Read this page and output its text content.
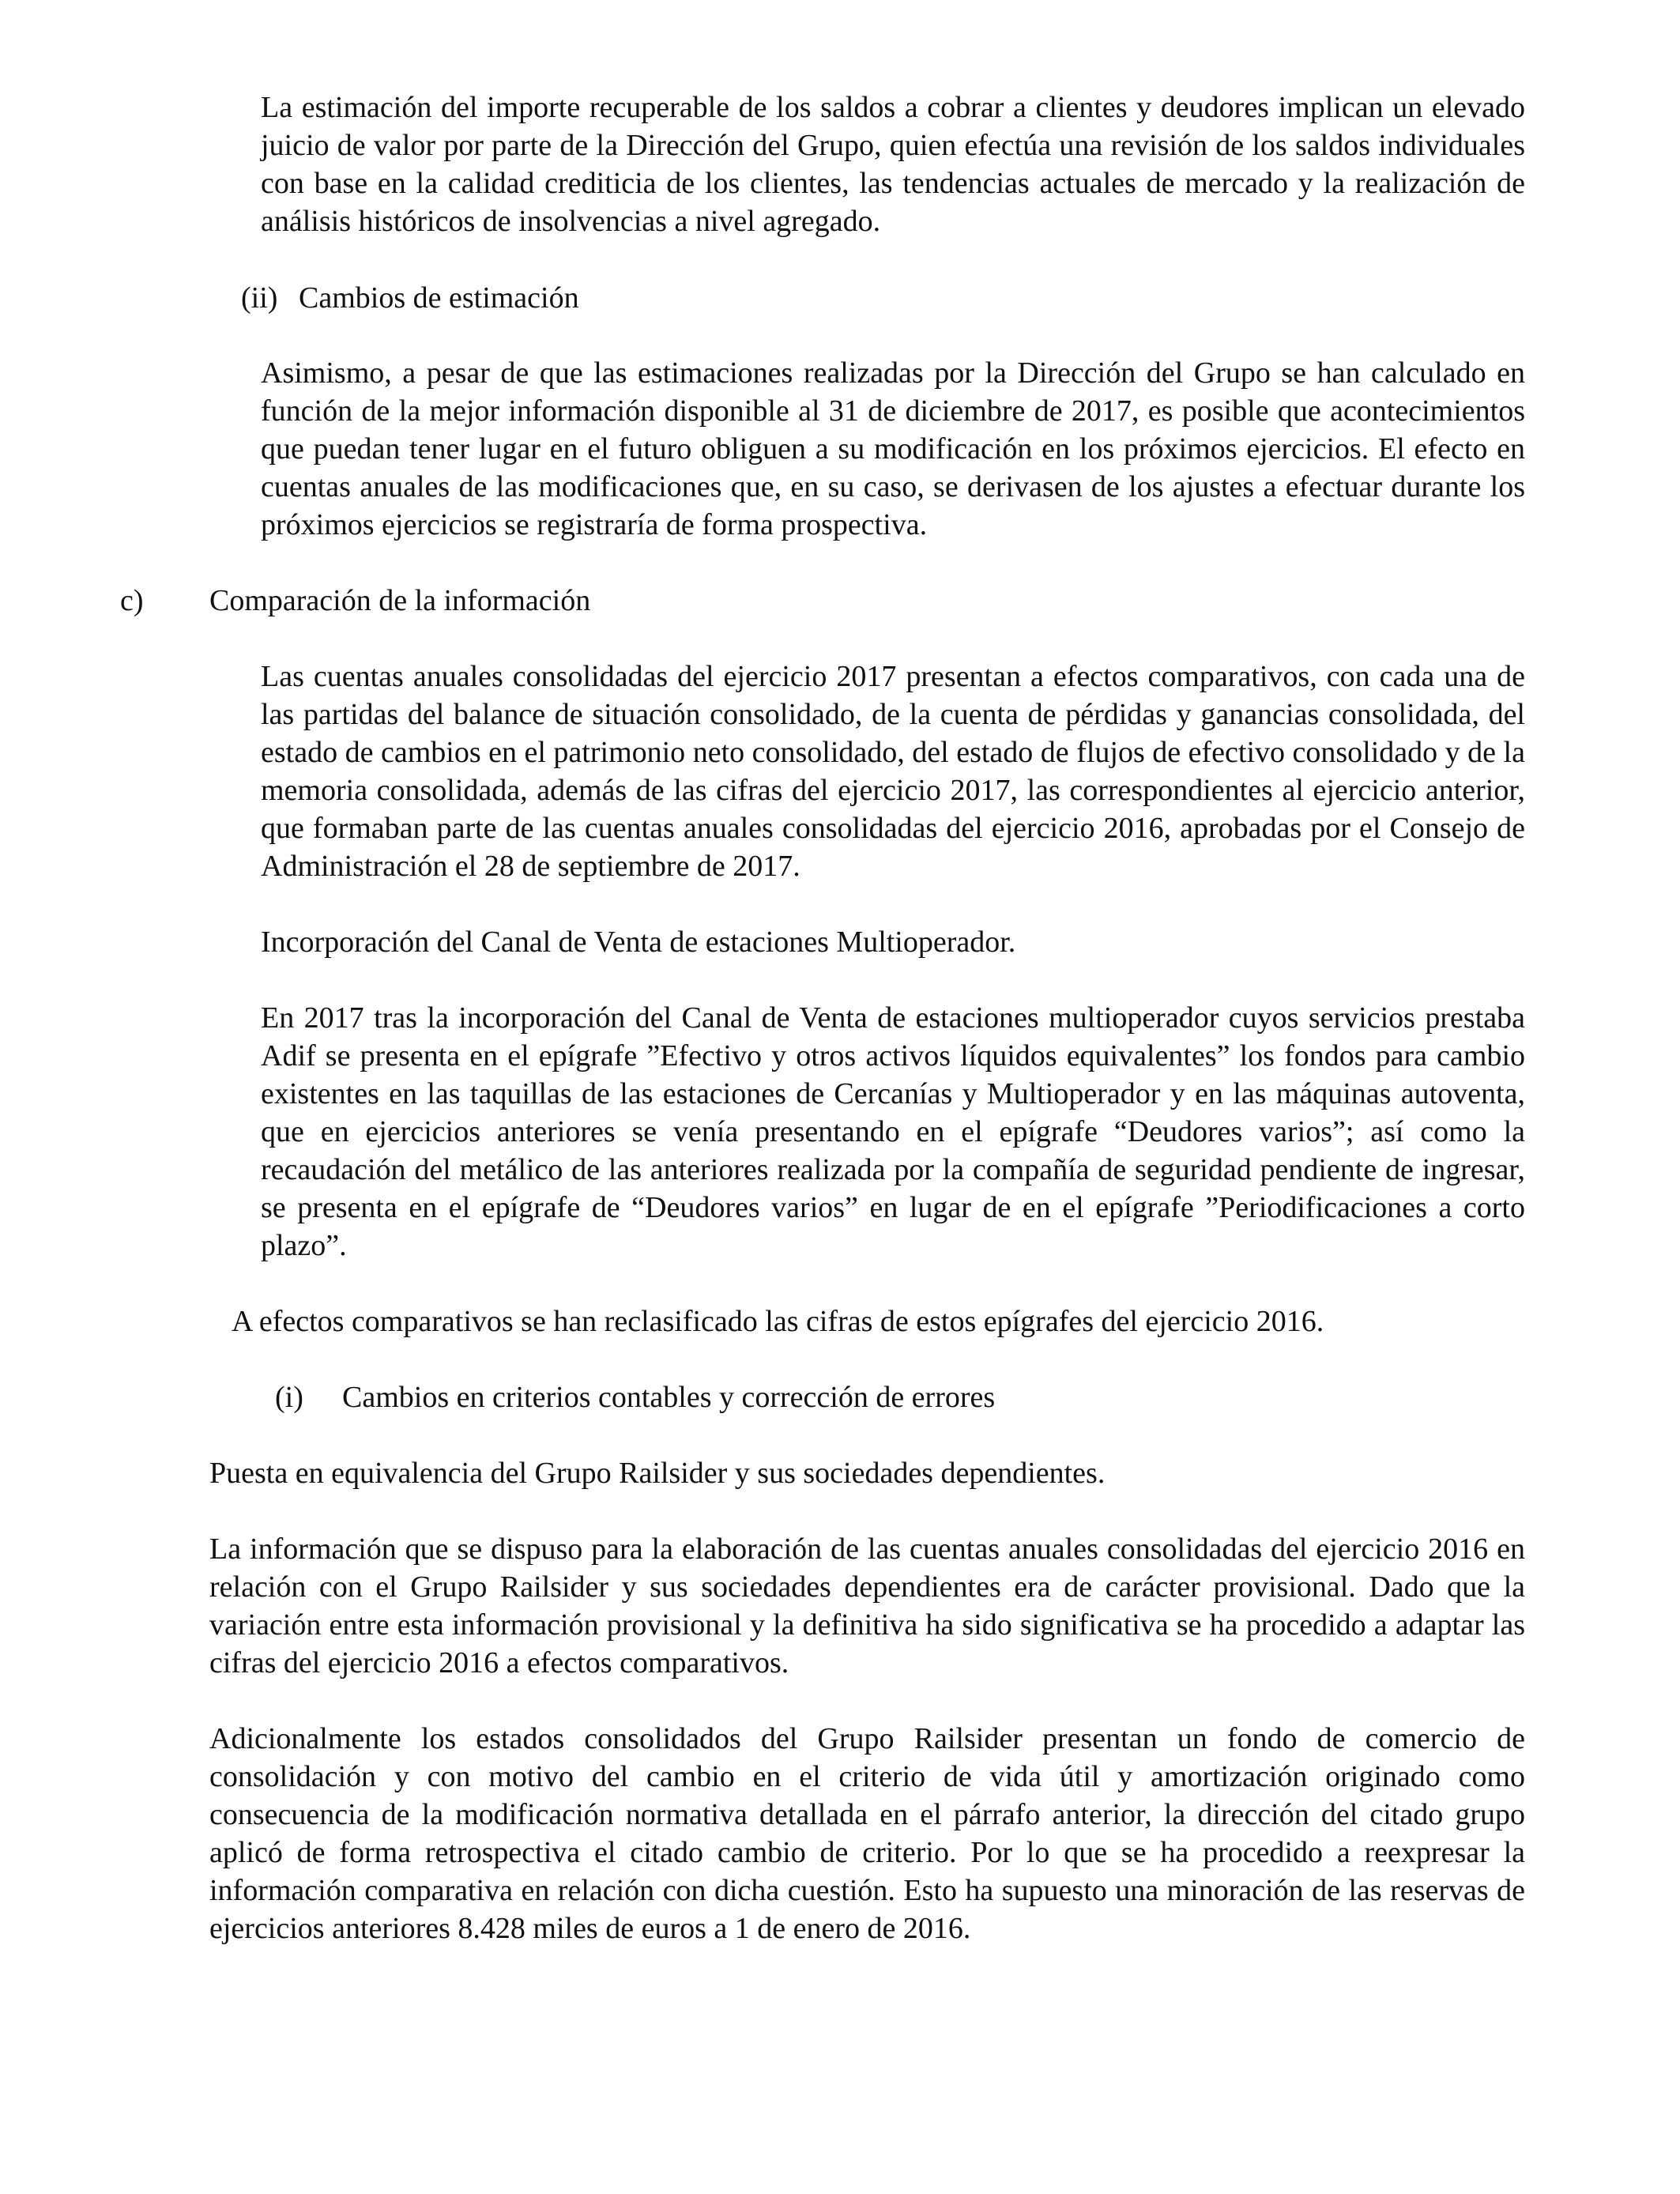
La estimación del importe recuperable de los saldos a cobrar a clientes y deudores implican un elevado juicio de valor por parte de la Dirección del Grupo, quien efectúa una revisión de los saldos individuales con base en la calidad crediticia de los clientes, las tendencias actuales de mercado y la realización de análisis históricos de insolvencias a nivel agregado.

(ii) Cambios de estimación

Asimismo, a pesar de que las estimaciones realizadas por la Dirección del Grupo se han calculado en función de la mejor información disponible al 31 de diciembre de 2017, es posible que acontecimientos que puedan tener lugar en el futuro obliguen a su modificación en los próximos ejercicios. El efecto en cuentas anuales de las modificaciones que, en su caso, se derivasen de los ajustes a efectuar durante los próximos ejercicios se registraría de forma prospectiva.

c) Comparación de la información

Las cuentas anuales consolidadas del ejercicio 2017 presentan a efectos comparativos, con cada una de las partidas del balance de situación consolidado, de la cuenta de pérdidas y ganancias consolidada, del estado de cambios en el patrimonio neto consolidado, del estado de flujos de efectivo consolidado y de la memoria consolidada, además de las cifras del ejercicio 2017, las correspondientes al ejercicio anterior, que formaban parte de las cuentas anuales consolidadas del ejercicio 2016, aprobadas por el Consejo de Administración el 28 de septiembre de 2017.

Incorporación del Canal de Venta de estaciones Multioperador.

En 2017 tras la incorporación del Canal de Venta de estaciones multioperador cuyos servicios prestaba Adif se presenta en el epígrafe ”Efectivo y otros activos líquidos equivalentes” los fondos para cambio existentes en las taquillas de las estaciones de Cercanías y Multioperador y en las máquinas autoventa, que en ejercicios anteriores se venía presentando en el epígrafe “Deudores varios”; así como la recaudación del metálico de las anteriores realizada por la compañía de seguridad pendiente de ingresar, se presenta en el epígrafe de “Deudores varios” en lugar de en el epígrafe ”Periodificaciones a corto plazo”.

A efectos comparativos se han reclasificado las cifras de estos epígrafes del ejercicio 2016.
(i) Cambios en criterios contables y corrección de errores
Puesta en equivalencia del Grupo Railsider y sus sociedades dependientes.

La información que se dispuso para la elaboración de las cuentas anuales consolidadas del ejercicio 2016 en relación con el Grupo Railsider y sus sociedades dependientes era de carácter provisional. Dado que la variación entre esta información provisional y la definitiva ha sido significativa se ha procedido a adaptar las cifras del ejercicio 2016 a efectos comparativos.

Adicionalmente los estados consolidados del Grupo Railsider presentan un fondo de comercio de consolidación y con motivo del cambio en el criterio de vida útil y amortización originado como consecuencia de la modificación normativa detallada en el párrafo anterior, la dirección del citado grupo aplicó de forma retrospectiva el citado cambio de criterio. Por lo que se ha procedido a reexpresar la información comparativa en relación con dicha cuestión. Esto ha supuesto una minoración de las reservas de ejercicios anteriores 8.428 miles de euros a 1 de enero de 2016.
